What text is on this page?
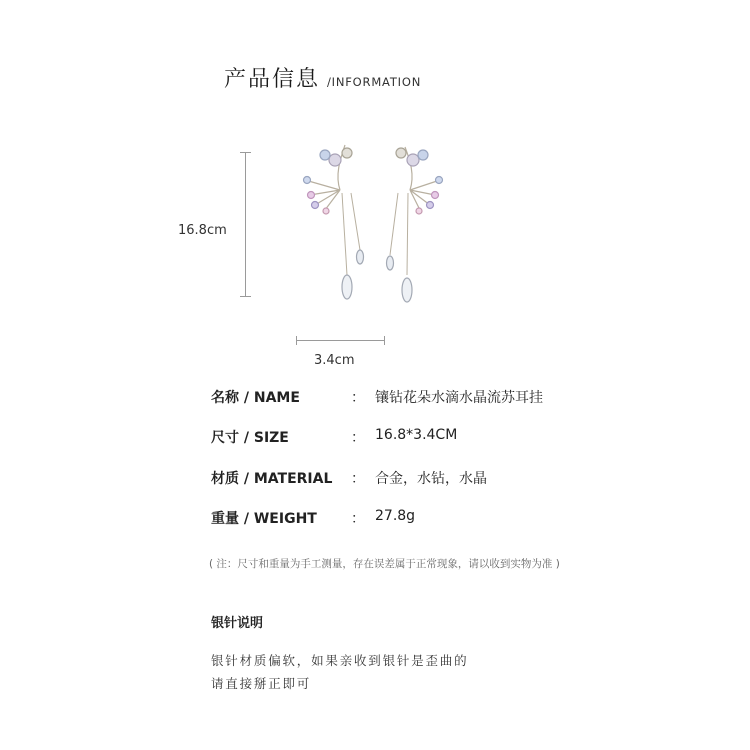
产品信息 /INFORMATION
16.8cm
3.4cm
名称 / NAME	： 镶钻花朵水滴水晶流苏耳挂
尺寸 / SIZE	： 16.8*3.4CM
材质 / MATERIAL ： 合金，水钻，水晶
重量 / WEIGHT ： 27.8g
( 注：尺寸和重量为手工测量，存在误差属于正常现象，请以收到实物为准 )
银针说明
银针材质偏软，如果亲收到银针是歪曲的
请直接掰正即可
